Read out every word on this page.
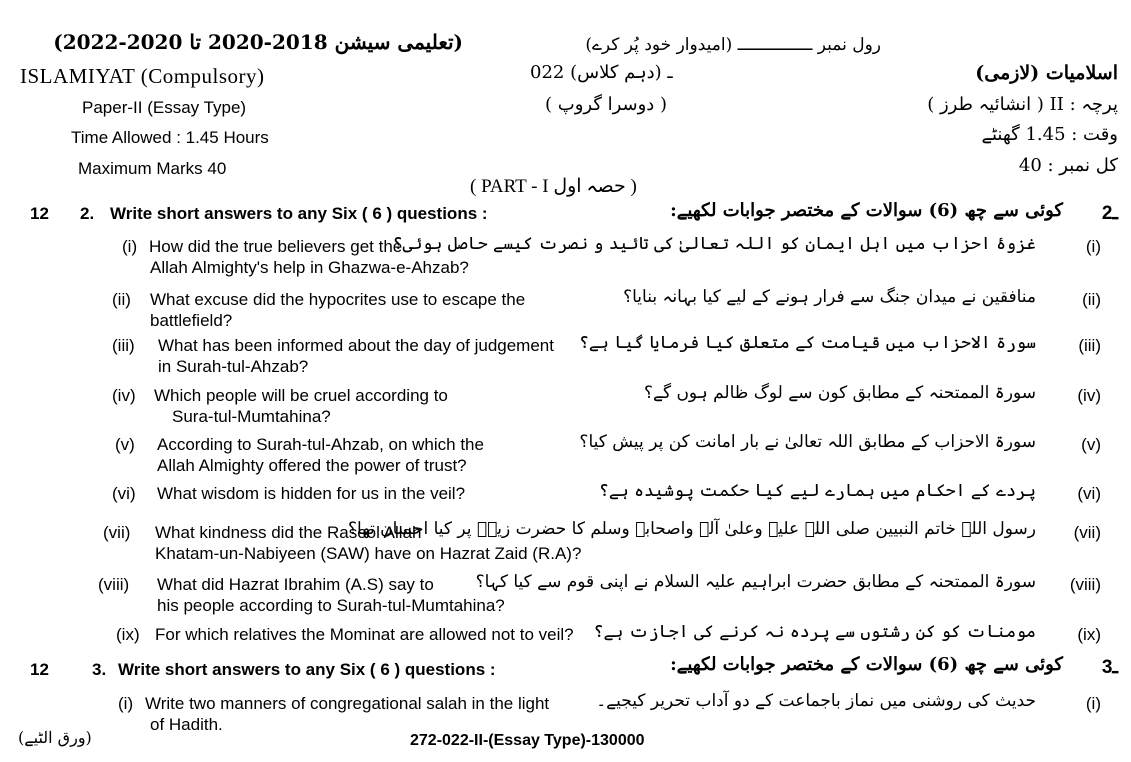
رول نمبر ـــــــــــــــ (امیدوار خود پُر کرے)
(تعلیمی سیشن 2018-2020 تا 2020-2022)
ISLAMIYAT (Compulsory)	022 ـ (دہم کلاس)	اسلامیات (لازمی)
Paper-II (Essay Type)	( دوسرا گروپ )	پرچہ : II ( انشائیہ طرز )
Time Allowed : 1.45 Hours	وقت : 1.45 گھنٹے
Maximum Marks 40	کل نمبر : 40
( PART - I حصہ اول )
12 2. Write short answers to any Six ( 6 ) questions :	کوئی سے چھ (6) سوالات کے مختصر جوابات لکھیے: 2ـ
(i) How did the true believers get the
Allah Almighty's help in Ghazwa-e-Ahzab?
غزوۂ احزاب میں اہل ایمان کو اللہ تعالیٰ کی تائید و نصرت کیسے حاصل ہوئی؟	(i)
(ii) What excuse did the hypocrites use to escape the
battlefield?
منافقین نے میدان جنگ سے فرار ہونے کے لیے کیا بہانہ بنایا؟	(ii)
(iii) What has been informed about the day of judgement
in Surah-tul-Ahzab?
سورۃ الاحزاب میں قیامت کے متعلق کیا فرمایا گیا ہے؟ (iii)
(iv) Which people will be cruel according to
Sura-tul-Mumtahina?
سورۃ الممتحنہ کے مطابق کون سے لوگ ظالم ہوں گے؟ (iv)
(v) According to Surah-tul-Ahzab, on which the
Allah Almighty offered the power of trust?
سورۃ الاحزاب کے مطابق اللہ تعالیٰ نے بار امانت کن پر پیش کیا؟	(v)
(vi) What wisdom is hidden for us in the veil?	پردے کے احکام میں ہمارے لیے کیا حکمت پوشیدہ ہے؟ (vi)
(vii) What kindness did the Rasool Allah
Khatam-un-Nabiyeen (SAW) have on Hazrat Zaid (R.A)?
رسول اللہ خاتم النبیین صلی اللہ علیہ وعلیٰ آلہ واصحابہ وسلم کا حضرت زیدؓ پر کیا احسان تھا؟ (vii)
(viii) What did Hazrat Ibrahim (A.S) say to
his people according to Surah-tul-Mumtahina?
سورۃ الممتحنہ کے مطابق حضرت ابراہیم علیہ السلام نے اپنی قوم سے کیا کہا؟ (viii)
(ix) For which relatives the Mominat are allowed not to veil? مومنات کو کن رشتوں سے پردہ نہ کرنے کی اجازت ہے؟ (ix)
12	3. Write short answers to any Six ( 6 ) questions :	کوئی سے چھ (6) سوالات کے مختصر جوابات لکھیے: 3ـ
(i) Write two manners of congregational salah in the light
of Hadith.
حدیث کی روشنی میں نماز باجماعت کے دو آداب تحریر کیجیے۔	(i)
(ورق الٹیے)	272-022-II-(Essay Type)-130000
